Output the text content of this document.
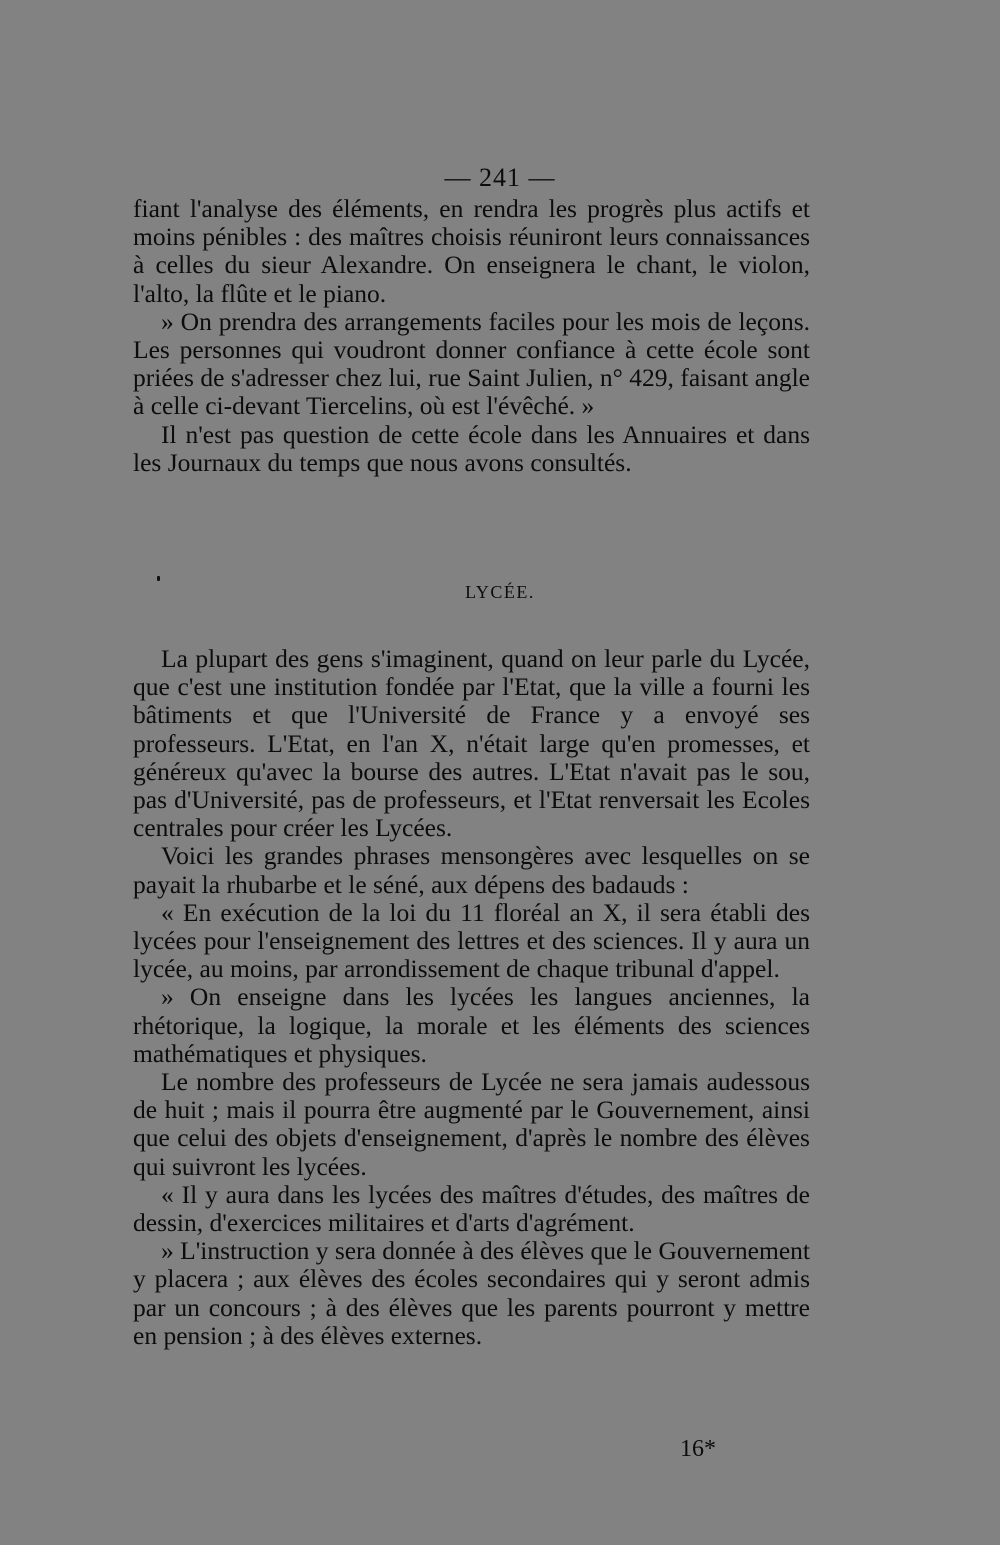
— 241 —

fiant l'analyse des éléments, en rendra les progrès plus actifs et moins pénibles : des maîtres choisis réuniront leurs connaissances à celles du sieur Alexandre. On enseignera le chant, le violon, l'alto, la flûte et le piano.

» On prendra des arrangements faciles pour les mois de leçons. Les personnes qui voudront donner confiance à cette école sont priées de s'adresser chez lui, rue Saint Julien, n° 429, faisant angle à celle ci-devant Tiercelins, où est l'évêché. »

Il n'est pas question de cette école dans les Annuaires et dans les Journaux du temps que nous avons consultés.

LYCÉE.

La plupart des gens s'imaginent, quand on leur parle du Lycée, que c'est une institution fondée par l'Etat, que la ville a fourni les bâtiments et que l'Université de France y a envoyé ses professeurs. L'Etat, en l'an X, n'était large qu'en promesses, et généreux qu'avec la bourse des autres. L'Etat n'avait pas le sou, pas d'Université, pas de professeurs, et l'Etat renversait les Ecoles centrales pour créer les Lycées.

Voici les grandes phrases mensongères avec lesquelles on se payait la rhubarbe et le séné, aux dépens des badauds :

« En exécution de la loi du 11 floréal an X, il sera établi des lycées pour l'enseignement des lettres et des sciences. Il y aura un lycée, au moins, par arrondissement de chaque tribunal d'appel.

» On enseigne dans les lycées les langues anciennes, la rhétorique, la logique, la morale et les éléments des sciences mathématiques et physiques.

Le nombre des professeurs de Lycée ne sera jamais audessous de huit ; mais il pourra être augmenté par le Gouvernement, ainsi que celui des objets d'enseignement, d'après le nombre des élèves qui suivront les lycées.

« Il y aura dans les lycées des maîtres d'études, des maîtres de dessin, d'exercices militaires et d'arts d'agrément.

» L'instruction y sera donnée à des élèves que le Gouvernement y placera ; aux élèves des écoles secondaires qui y seront admis par un concours ; à des élèves que les parents pourront y mettre en pension ; à des élèves externes.

16*
